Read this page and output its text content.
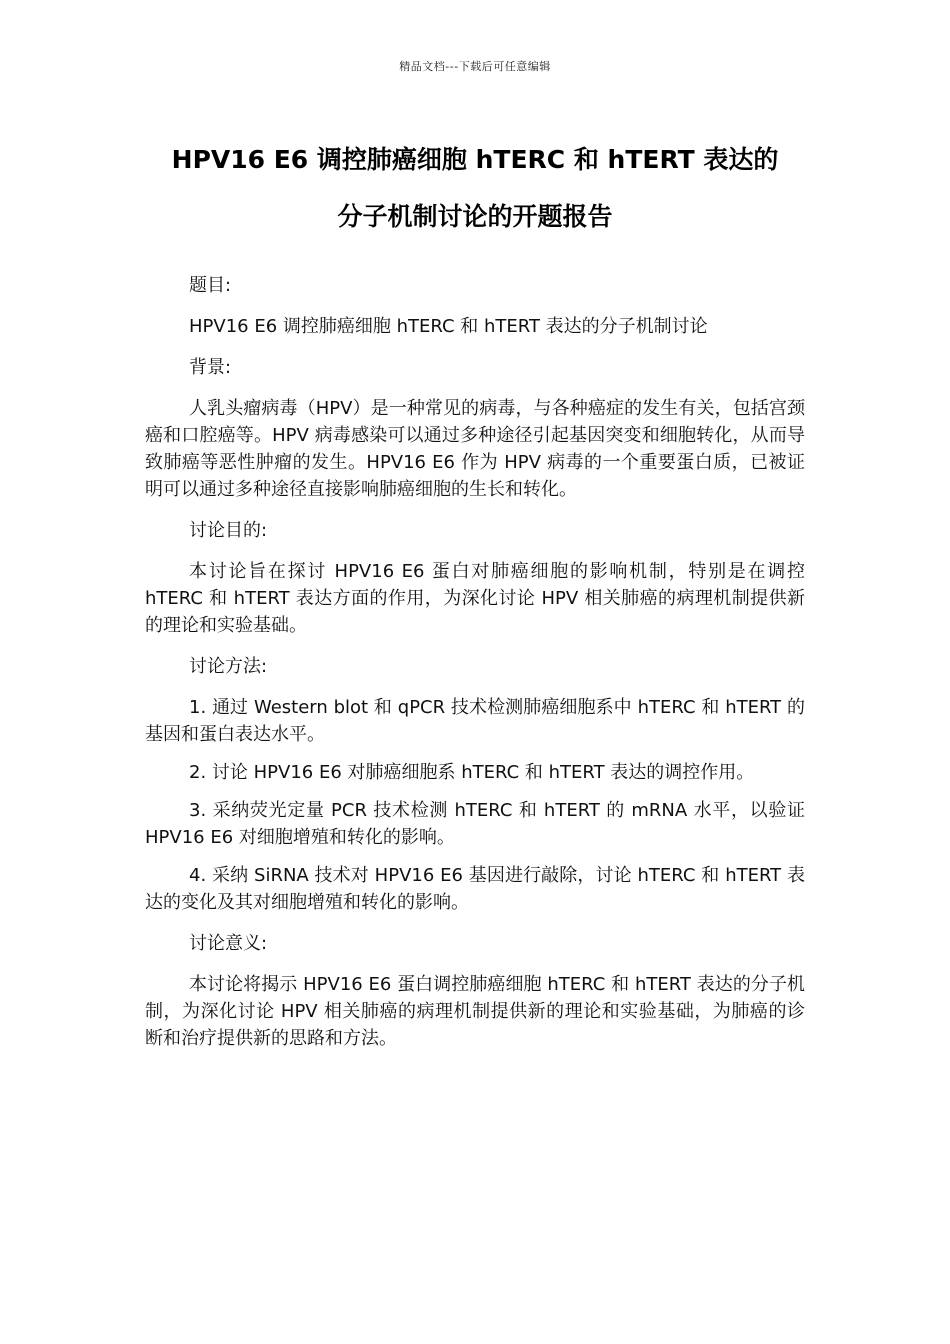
精品文档---下载后可任意编辑
HPV16 E6 调控肺癌细胞 hTERC 和 hTERT 表达的
分子机制讨论的开题报告

题目:

HPV16 E6 调控肺癌细胞 hTERC 和 hTERT 表达的分子机制讨论

背景:

人乳头瘤病毒（HPV）是一种常见的病毒，与各种癌症的发生有关，包括宫颈癌和口腔癌等。HPV 病毒感染可以通过多种途径引起基因突变和细胞转化，从而导致肺癌等恶性肿瘤的发生。HPV16 E6 作为 HPV 病毒的一个重要蛋白质，已被证明可以通过多种途径直接影响肺癌细胞的生长和转化。

讨论目的:

本讨论旨在探讨 HPV16 E6 蛋白对肺癌细胞的影响机制，特别是在调控 hTERC 和 hTERT 表达方面的作用，为深化讨论 HPV 相关肺癌的病理机制提供新的理论和实验基础。

讨论方法:

1. 通过 Western blot 和 qPCR 技术检测肺癌细胞系中 hTERC 和 hTERT 的基因和蛋白表达水平。

2. 讨论 HPV16 E6 对肺癌细胞系 hTERC 和 hTERT 表达的调控作用。

3. 采纳荧光定量 PCR 技术检测 hTERC 和 hTERT 的 mRNA 水平，以验证 HPV16 E6 对细胞增殖和转化的影响。

4. 采纳 SiRNA 技术对 HPV16 E6 基因进行敲除，讨论 hTERC 和 hTERT 表达的变化及其对细胞增殖和转化的影响。

讨论意义:

本讨论将揭示 HPV16 E6 蛋白调控肺癌细胞 hTERC 和 hTERT 表达的分子机制，为深化讨论 HPV 相关肺癌的病理机制提供新的理论和实验基础，为肺癌的诊断和治疗提供新的思路和方法。
